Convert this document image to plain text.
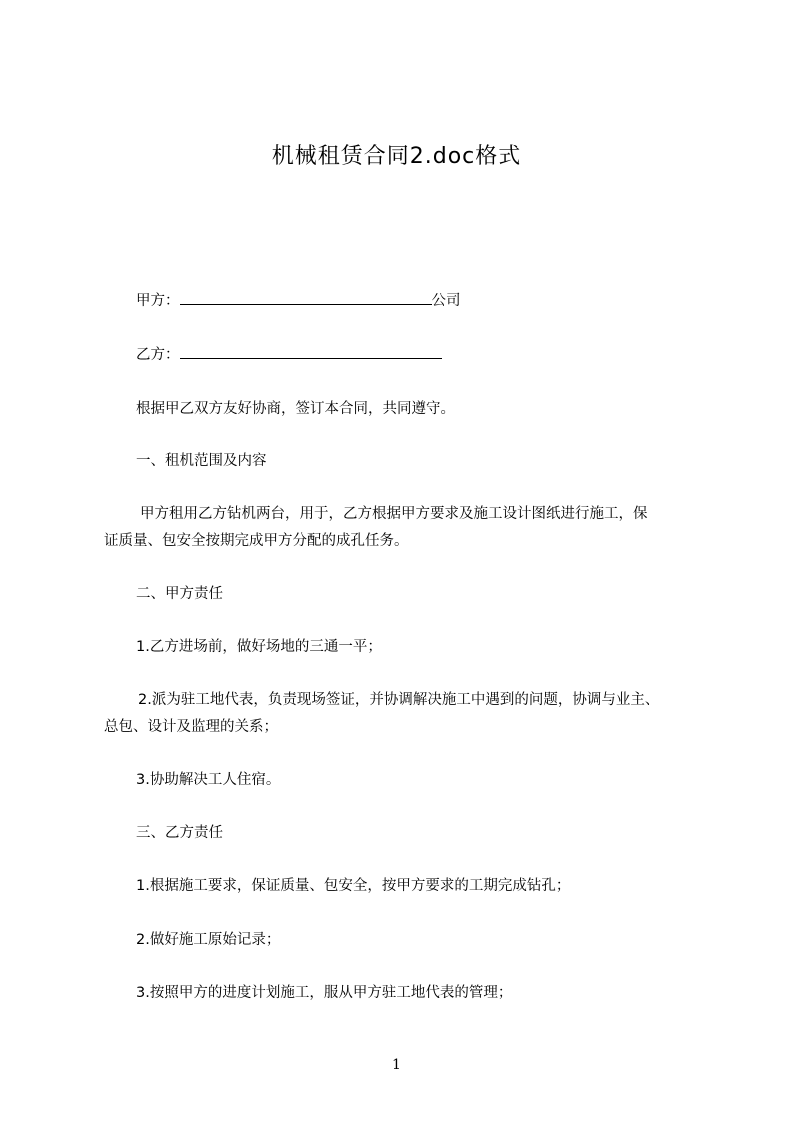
机械租赁合同2.doc格式
甲方：	公司
乙方：
根据甲乙双方友好协商，签订本合同，共同遵守。
一、租机范围及内容
甲方租用乙方钻机两台，用于，乙方根据甲方要求及施工设计图纸进行施工，保
证质量、包安全按期完成甲方分配的成孔任务。
二、甲方责任
1.乙方进场前，做好场地的三通一平；
2.派为驻工地代表，负责现场签证，并协调解决施工中遇到的问题，协调与业主、
总包、设计及监理的关系；
3.协助解决工人住宿。
三、乙方责任
1.根据施工要求，保证质量、包安全，按甲方要求的工期完成钻孔；
2.做好施工原始记录；
3.按照甲方的进度计划施工，服从甲方驻工地代表的管理；
1
